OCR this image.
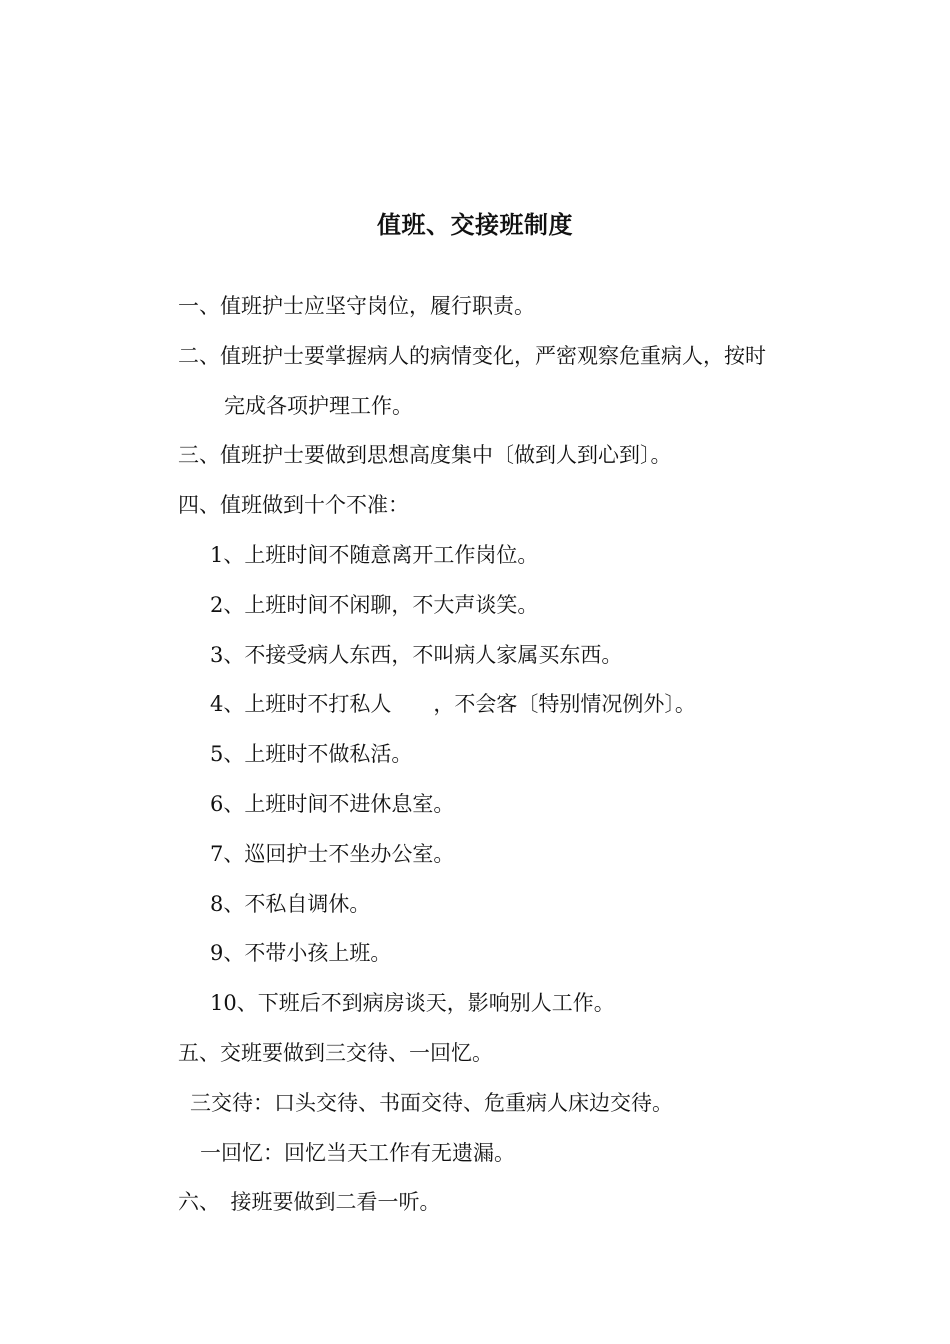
值班、交接班制度
一、值班护士应坚守岗位，履行职责。
二、值班护士要掌握病人的病情变化，严密观察危重病人，按时
完成各项护理工作。
三、值班护士要做到思想高度集中〔做到人到心到〕。
四、值班做到十个不准：
1、上班时间不随意离开工作岗位。
2、上班时间不闲聊，不大声谈笑。
3、不接受病人东西，不叫病人家属买东西。
4、上班时不打私人　　，不会客〔特别情况例外〕。
5、上班时不做私活。
6、上班时间不进休息室。
7、巡回护士不坐办公室。
8、不私自调休。
9、不带小孩上班。
10、下班后不到病房谈天，影响别人工作。
五、交班要做到三交待、一回忆。
三交待：口头交待、书面交待、危重病人床边交待。
一回忆：回忆当天工作有无遗漏。
六、　接班要做到二看一听。
